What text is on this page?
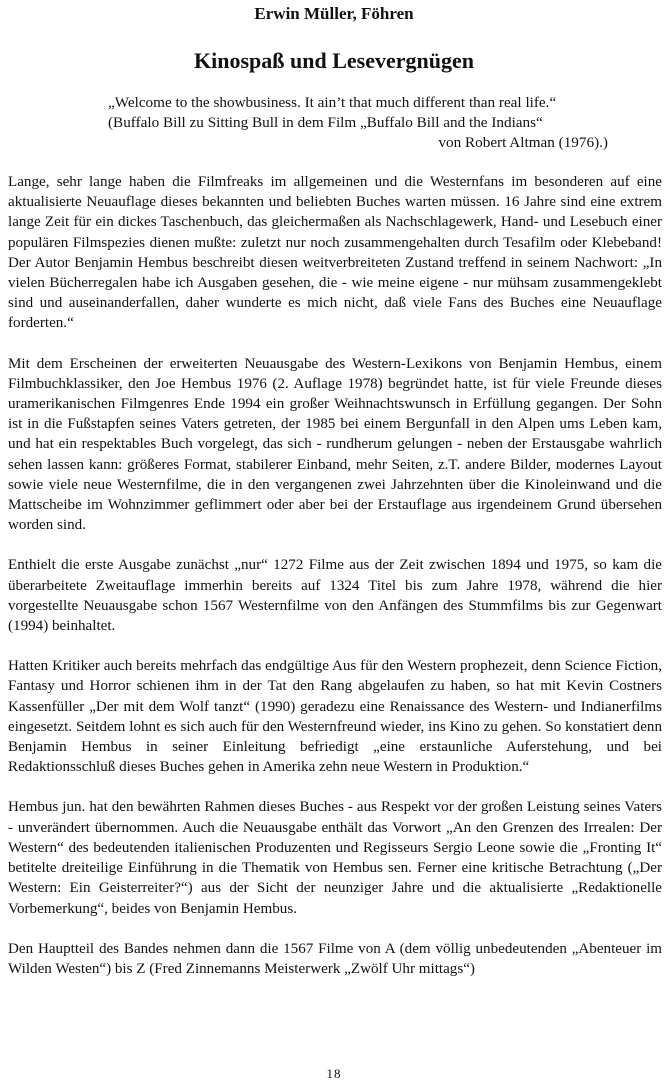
Erwin Müller, Föhren
Kinospaß und Lesevergnügen
„Welcome to the showbusiness. It ain’t that much different than real life.“
(Buffalo Bill zu Sitting Bull in dem Film „Buffalo Bill and the Indians“
von Robert Altman (1976).)

Lange, sehr lange haben die Filmfreaks im allgemeinen und die Westernfans im besonderen auf eine aktualisierte Neuauflage dieses bekannten und beliebten Buches warten müssen. 16 Jahre sind eine extrem lange Zeit für ein dickes Taschenbuch, das gleichermaßen als Nachschlagewerk, Hand- und Lesebuch einer populären Filmspezies dienen mußte: zuletzt nur noch zusammengehalten durch Tesafilm oder Klebeband! Der Autor Benjamin Hembus beschreibt diesen weitverbreiteten Zustand treffend in seinem Nachwort: „In vielen Bücherregalen habe ich Ausgaben gesehen, die - wie meine eigene - nur mühsam zusammengeklebt sind und auseinanderfallen, daher wunderte es mich nicht, daß viele Fans des Buches eine Neuauflage forderten.“

Mit dem Erscheinen der erweiterten Neuausgabe des Western-Lexikons von Benjamin Hembus, einem Filmbuchklassiker, den Joe Hembus 1976 (2. Auflage 1978) begründet hatte, ist für viele Freunde dieses uramerikanischen Filmgenres Ende 1994 ein großer Weihnachtswunsch in Erfüllung gegangen. Der Sohn ist in die Fußstapfen seines Vaters getreten, der 1985 bei einem Bergunfall in den Alpen ums Leben kam, und hat ein respektables Buch vorgelegt, das sich - rundherum gelungen - neben der Erstausgabe wahrlich sehen lassen kann: größeres Format, stabilerer Einband, mehr Seiten, z.T. andere Bilder, modernes Layout sowie viele neue Westernfilme, die in den vergangenen zwei Jahrzehnten über die Kinoleinwand und die Mattscheibe im Wohnzimmer geflimmert oder aber bei der Erstauflage aus irgendeinem Grund übersehen worden sind.

Enthielt die erste Ausgabe zunächst „nur“ 1272 Filme aus der Zeit zwischen 1894 und 1975, so kam die überarbeitete Zweitauflage immerhin bereits auf 1324 Titel bis zum Jahre 1978, während die hier vorgestellte Neuausgabe schon 1567 Westernfilme von den Anfängen des Stummfilms bis zur Gegenwart (1994) beinhaltet.

Hatten Kritiker auch bereits mehrfach das endgültige Aus für den Western prophezeit, denn Science Fiction, Fantasy und Horror schienen ihm in der Tat den Rang abgelaufen zu haben, so hat mit Kevin Costners Kassenfüller „Der mit dem Wolf tanzt“ (1990) geradezu eine Renaissance des Western- und Indianerfilms eingesetzt. Seitdem lohnt es sich auch für den Westernfreund wieder, ins Kino zu gehen. So konstatiert denn Benjamin Hembus in seiner Einleitung befriedigt „eine erstaunliche Auferstehung, und bei Redaktionsschluß dieses Buches gehen in Amerika zehn neue Western in Produktion.“

Hembus jun. hat den bewährten Rahmen dieses Buches - aus Respekt vor der großen Leistung seines Vaters - unverändert übernommen. Auch die Neuausgabe enthält das Vorwort „An den Grenzen des Irrealen: Der Western“ des bedeutenden italienischen Produzenten und Regisseurs Sergio Leone sowie die „Fronting It“ betitelte dreiteilige Einführung in die Thematik von Hembus sen. Ferner eine kritische Betrachtung („Der Western: Ein Geisterreiter?“) aus der Sicht der neunziger Jahre und die aktualisierte „Redaktionelle Vorbemerkung“, beides von Benjamin Hembus.

Den Hauptteil des Bandes nehmen dann die 1567 Filme von A (dem völlig unbedeutenden „Abenteuer im Wilden Westen“) bis Z (Fred Zinnemanns Meisterwerk „Zwölf Uhr mittags“)

18
